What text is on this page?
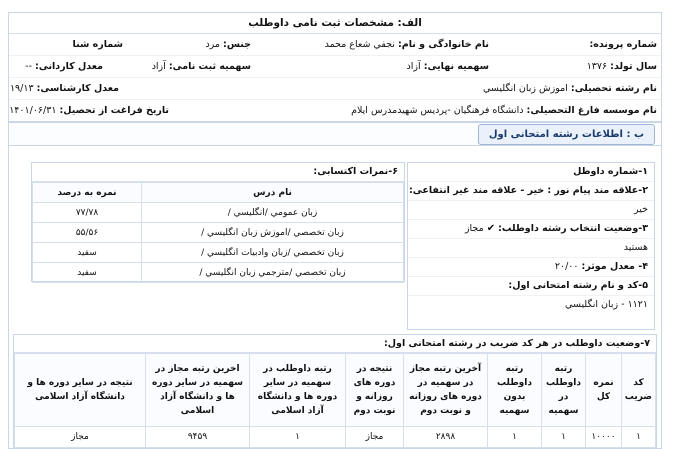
الف: مشخصات ثبت نامی داوطلب
شماره پرونده:
نام خانوادگی و نام: نجفي شعاع محمد
جنس: مرد
شماره شنا
سال تولد: ۱۳۷۶
سهمیه نهایی: آزاد
سهمیه ثبت نامی: آزاد
معدل کاردانی: --
نام رشته تحصیلی: اموزش زبان انگليسي
معدل کارشناسی: ۱۹/۱۳
نام موسسه فارغ التحصیلی: دانشگاه فرهنگيان -پرديس شهيدمدرس ايلام
تاریخ فراغت از تحصیل: ۱۴۰۱/۰۶/۳۱
ب : اطلاعات رشته امتحانی اول
۱-شماره داوطل
۲-علاقه مند پیام نور : خیر - علاقه مند غیر انتفاعی:
خير
۳-وضعیت انتخاب رشته داوطلب: ✔ مجاز
هستيد
۴- معدل موثر: ۲۰/۰۰
۵-کد و نام رشته امتحانی اول:
۱۱۲۱ - زبان انگليسي
۶-نمرات اکتسابی:
نام درس	نمره به درصد
زبان عمومي /انگليسي /	۷۷/۷۸
زبان تخصصي /اموزش زبان انگليسي /	۵۵/۵۶
زبان تخصصي /زبان وادبيات انگليسي /	سفيد
زبان تخصصي /مترجمي زبان انگليسي /	سفيد
۷-وضعیت داوطلب در هر کد ضریب در رشته امتحانی اول:
کد ضریب	نمره کل	رتبه داوطلب در سهمیه	رتبه داوطلب بدون سهمیه	آخرین رتبه مجاز در سهمیه در دوره های روزانه و نوبت دوم	نتیجه در دوره های روزانه و نوبت دوم	رتبه داوطلب در سهمیه در سایر دوره ها و دانشگاه آزاد اسلامی	اخرین رتبه مجاز در سهمیه در سایر دوره ها و دانشگاه آزاد اسلامی	نتیجه در سایر دوره ها و دانشگاه آزاد اسلامی
۱	۱۰۰۰۰	۱	۱	۲۸۹۸	مجاز	۱	۹۴۵۹	مجاز
